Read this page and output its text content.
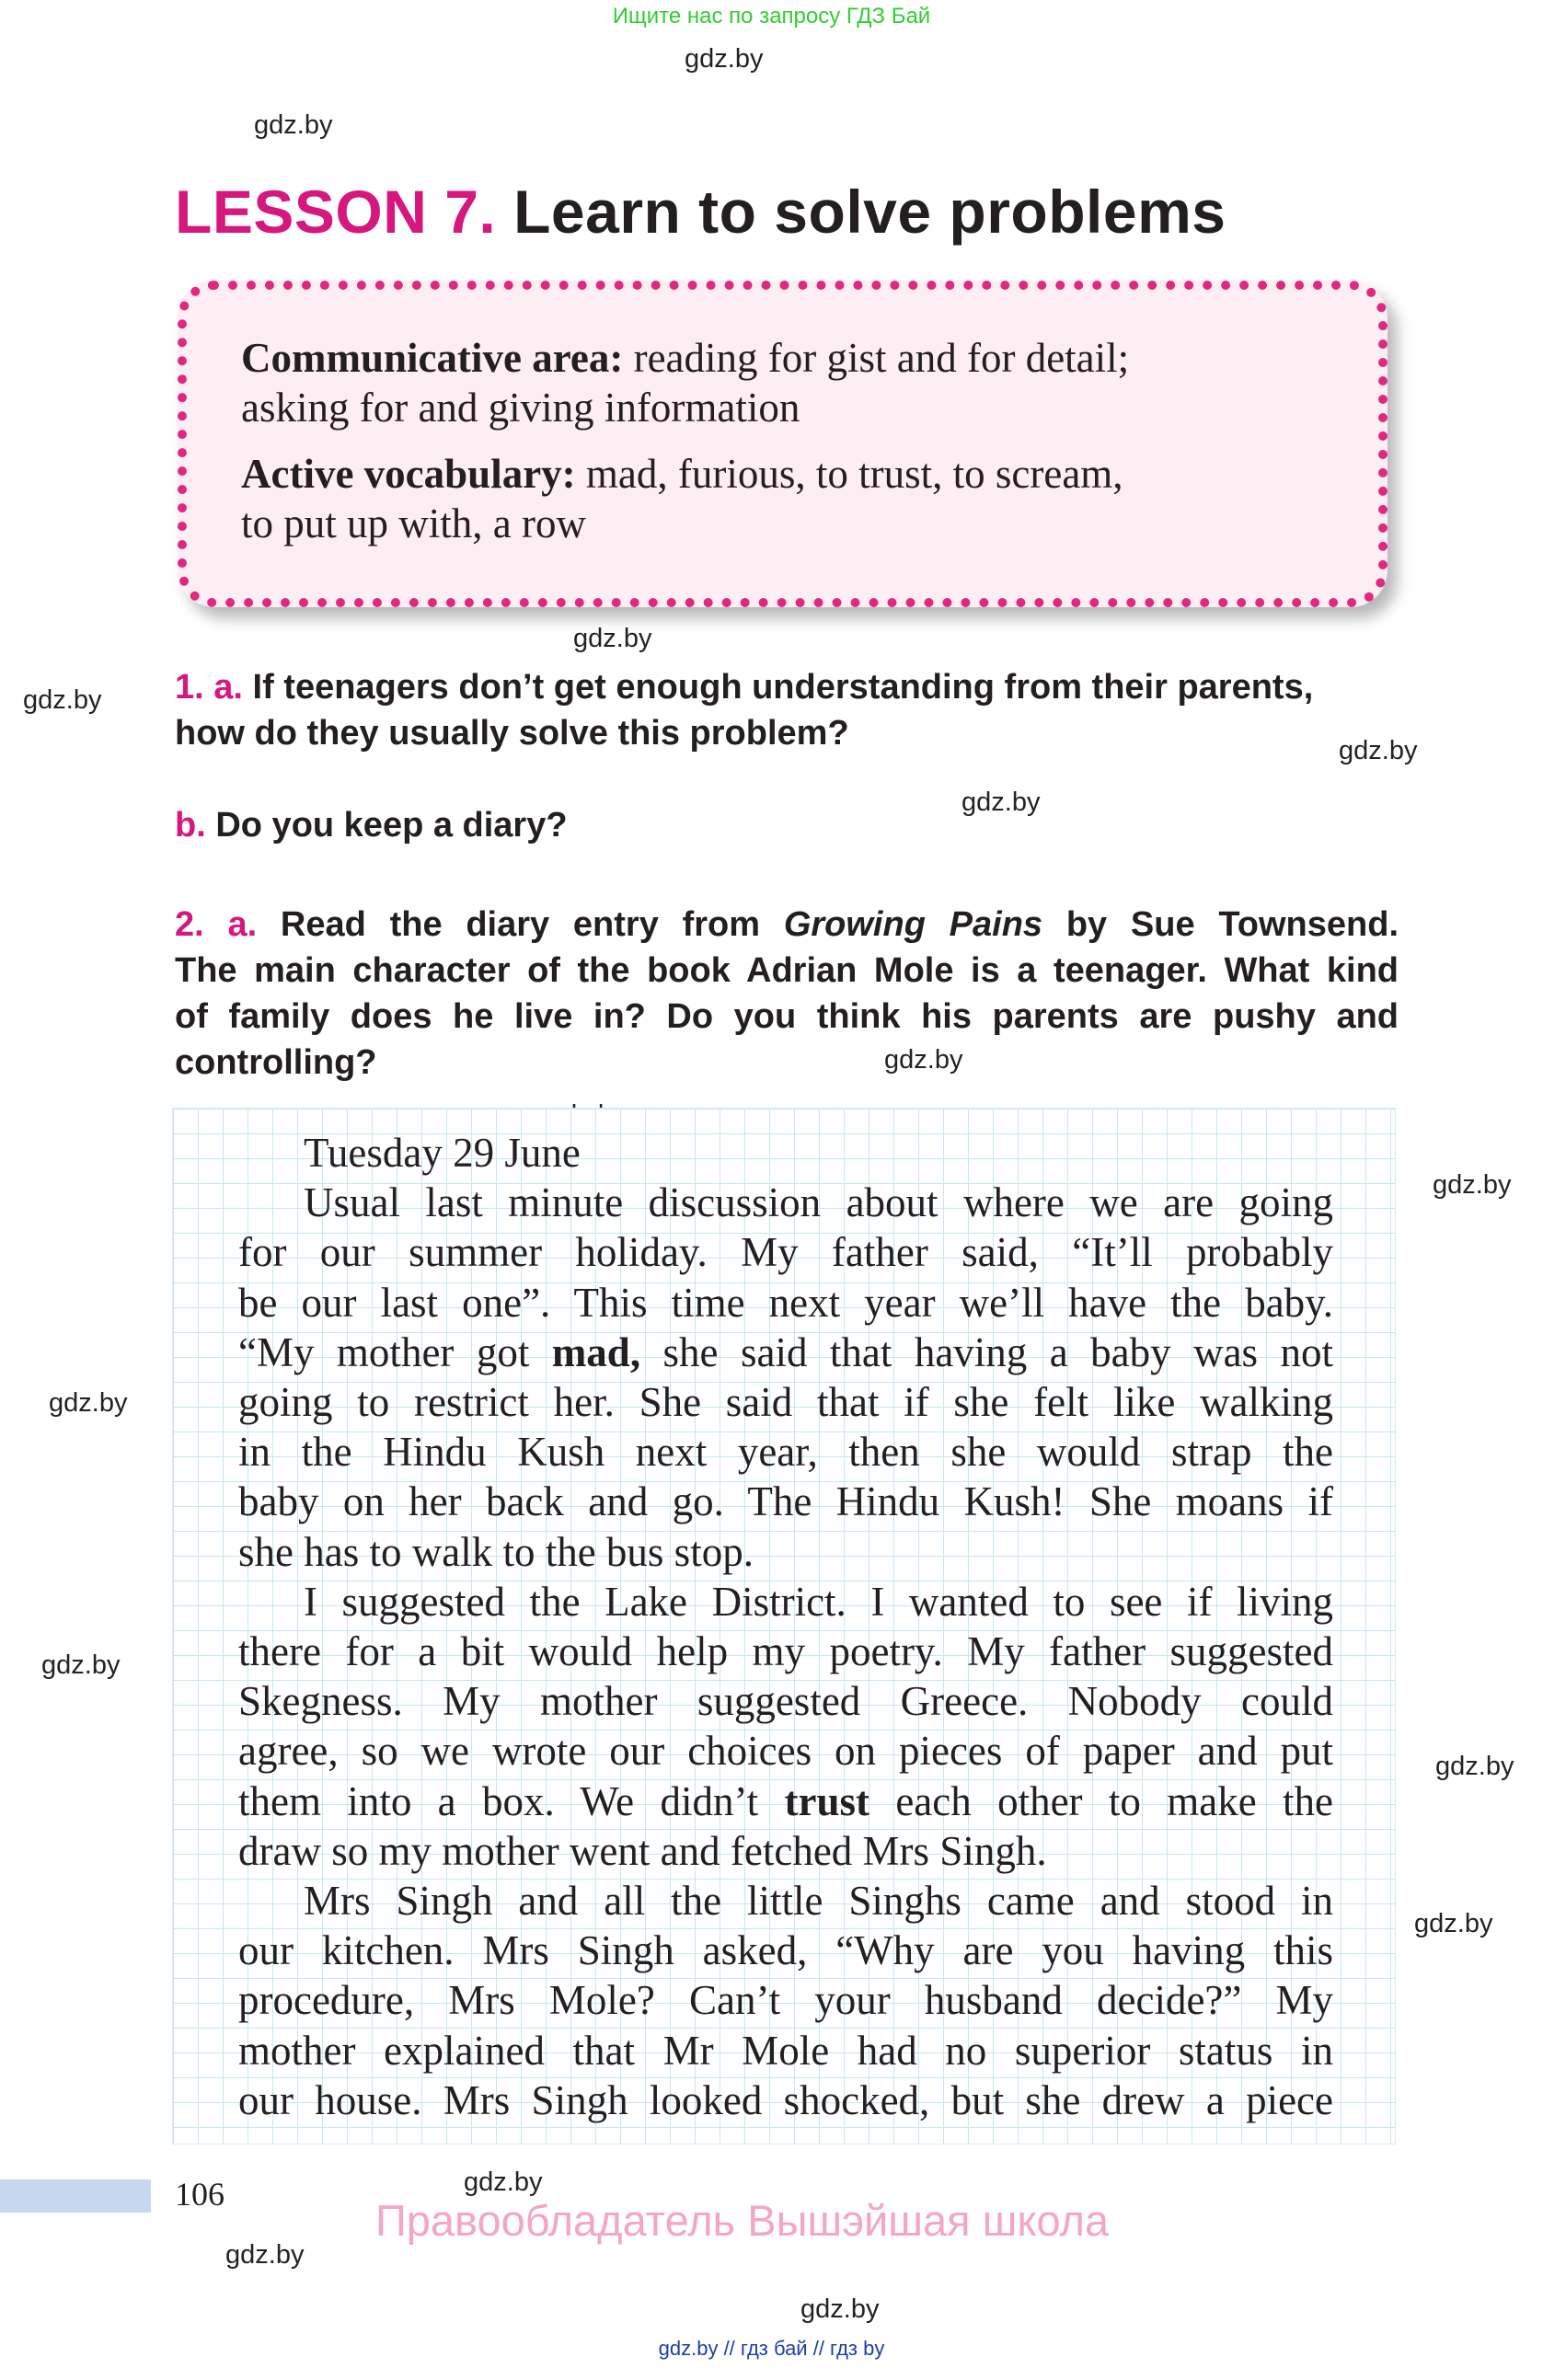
Ищите нас по запросу ГДЗ Бай
gdz.by
gdz.by
gdz.by
gdz.by
gdz.by
gdz.by
gdz.by
gdz.by
gdz.by
gdz.by
gdz.by
gdz.by
gdz.by
gdz.by
gdz.by
LESSON 7. Learn to solve problems
Communicative area: reading for gist and for detail;
asking for and giving information
Active vocabulary: mad, furious, to trust, to scream,
to put up with, a row
1. a. If teenagers don’t get enough understanding from their parents,
how do they usually solve this problem?
b. Do you keep a diary?
2. a. Read the diary entry from Growing Pains by Sue Townsend.
The main character of the book Adrian Mole is a teenager. What kind
of family does he live in? Do you think his parents are pushy and
controlling?
Tuesday 29 June
Usual last minute discussion about where we are going
for our summer holiday. My father said, “It’ll probably
be our last one”. This time next year we’ll have the baby.
“My mother got mad, she said that having a baby was not
going to restrict her. She said that if she felt like walking
in the Hindu Kush next year, then she would strap the
baby on her back and go. The Hindu Kush! She moans if
she has to walk to the bus stop.
I suggested the Lake District. I wanted to see if living
there for a bit would help my poetry. My father suggested
Skegness. My mother suggested Greece. Nobody could
agree, so we wrote our choices on pieces of paper and put
them into a box. We didn’t trust each other to make the
draw so my mother went and fetched Mrs Singh.
Mrs Singh and all the little Singhs came and stood in
our kitchen. Mrs Singh asked, “Why are you having this
procedure, Mrs Mole? Can’t your husband decide?” My
mother explained that Mr Mole had no superior status in
our house. Mrs Singh looked shocked, but she drew a piece
106
Правообладатель Вышэйшая школа
gdz.by // гдз бай // гдз by
